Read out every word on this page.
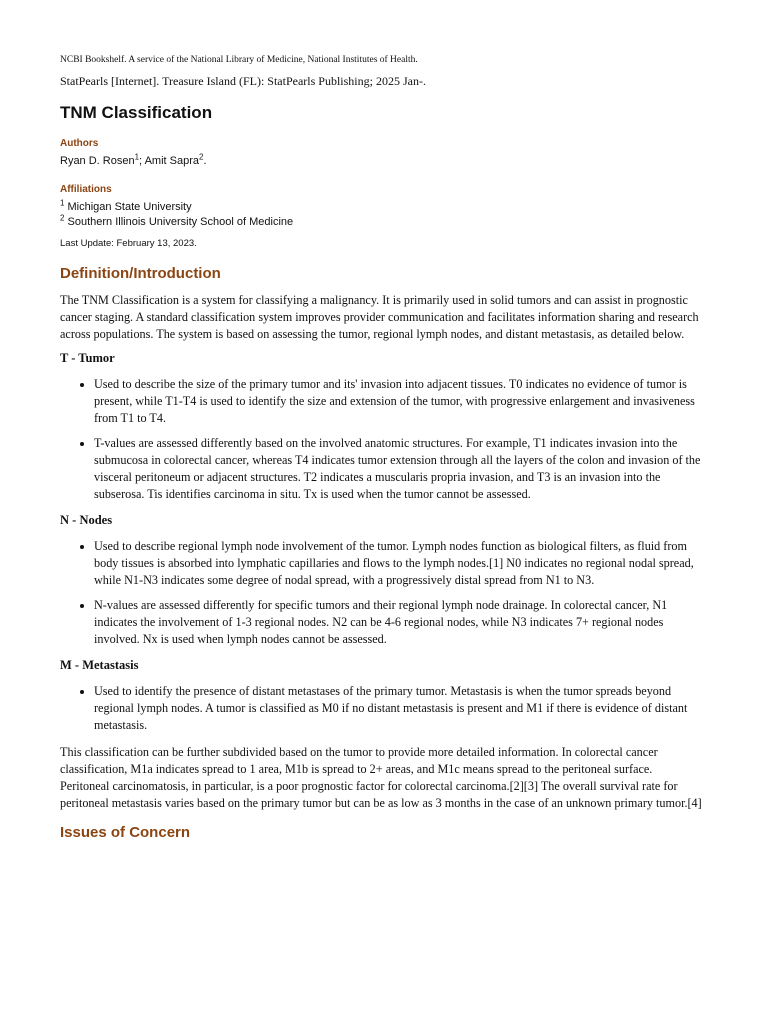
NCBI Bookshelf. A service of the National Library of Medicine, National Institutes of Health.
StatPearls [Internet]. Treasure Island (FL): StatPearls Publishing; 2025 Jan-.
TNM Classification
Authors
Ryan D. Rosen$^1$; Amit Sapra$^2$.
Affiliations
$^1$ Michigan State University
$^2$ Southern Illinois University School of Medicine
Last Update: February 13, 2023.
Definition/Introduction

The TNM Classification is a system for classifying a malignancy. It is primarily used in solid tumors and can assist in prognostic cancer staging. A standard classification system improves provider communication and facilitates information sharing and research across populations. The system is based on assessing the tumor, regional lymph nodes, and distant metastasis, as detailed below.

T - Tumor
• Used to describe the size of the primary tumor and its' invasion into adjacent tissues. T0 indicates no evidence of tumor is present, while T1-T4 is used to identify the size and extension of the tumor, with progressive enlargement and invasiveness from T1 to T4.
• T-values are assessed differently based on the involved anatomic structures. For example, T1 indicates invasion into the submucosa in colorectal cancer, whereas T4 indicates tumor extension through all the layers of the colon and invasion of the visceral peritoneum or adjacent structures. T2 indicates a muscularis propria invasion, and T3 is an invasion into the subserosa. Tis identifies carcinoma in situ. Tx is used when the tumor cannot be assessed.
N - Nodes
• Used to describe regional lymph node involvement of the tumor. Lymph nodes function as biological filters, as fluid from body tissues is absorbed into lymphatic capillaries and flows to the lymph nodes.[1] N0 indicates no regional nodal spread, while N1-N3 indicates some degree of nodal spread, with a progressively distal spread from N1 to N3.
• N-values are assessed differently for specific tumors and their regional lymph node drainage. In colorectal cancer, N1 indicates the involvement of 1-3 regional nodes. N2 can be 4-6 regional nodes, while N3 indicates 7+ regional nodes involved. Nx is used when lymph nodes cannot be assessed.
M - Metastasis
• Used to identify the presence of distant metastases of the primary tumor. Metastasis is when the tumor spreads beyond regional lymph nodes. A tumor is classified as M0 if no distant metastasis is present and M1 if there is evidence of distant metastasis.

This classification can be further subdivided based on the tumor to provide more detailed information. In colorectal cancer classification, M1a indicates spread to 1 area, M1b is spread to 2+ areas, and M1c means spread to the peritoneal surface. Peritoneal carcinomatosis, in particular, is a poor prognostic factor for colorectal carcinoma.[2][3] The overall survival rate for peritoneal metastasis varies based on the primary tumor but can be as low as 3 months in the case of an unknown primary tumor.[4]

Issues of Concern
